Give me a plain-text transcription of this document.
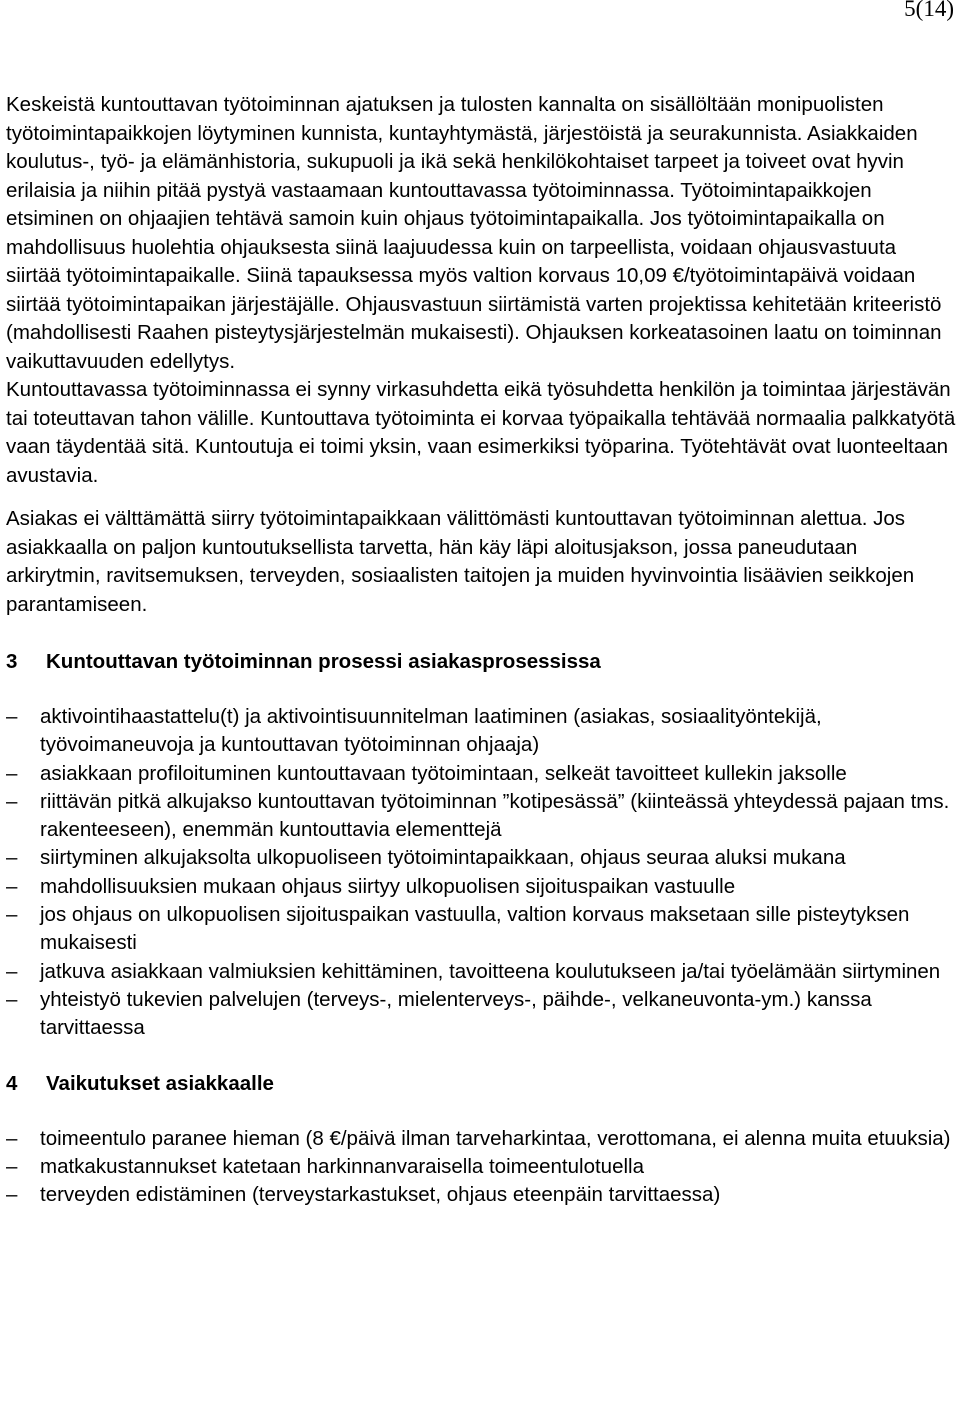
5(14)

Keskeistä kuntouttavan työtoiminnan ajatuksen ja tulosten kannalta on sisällöltään monipuolisten työtoimintapaikkojen löytyminen kunnista, kuntayhtymästä, järjestöistä ja seurakunnista. Asiakkaiden koulutus-, työ- ja elämänhistoria, sukupuoli ja ikä sekä henkilökohtaiset tarpeet ja toiveet ovat hyvin erilaisia ja niihin pitää pystyä vastaamaan kuntouttavassa työtoiminnassa. Työtoimintapaikkojen etsiminen on ohjaajien tehtävä samoin kuin ohjaus työtoimintapaikalla. Jos työtoimintapaikalla on mahdollisuus huolehtia ohjauksesta siinä laajuudessa kuin on tarpeellista, voidaan ohjausvastuuta siirtää työtoimintapaikalle. Siinä tapauksessa myös valtion korvaus 10,09 €/työtoimintapäivä voidaan siirtää työtoimintapaikan järjestäjälle. Ohjausvastuun siirtämistä varten projektissa kehitetään kriteeristö (mahdollisesti Raahen pisteytysjärjestelmän mukaisesti). Ohjauksen korkeatasoinen laatu on toiminnan vaikuttavuuden edellytys.

Kuntouttavassa työtoiminnassa ei synny virkasuhdetta eikä työsuhdetta henkilön ja toimintaa järjestävän tai toteuttavan tahon välille. Kuntouttava työtoiminta ei korvaa työpaikalla tehtävää normaalia palkkatyötä vaan täydentää sitä. Kuntoutuja ei toimi yksin, vaan esimerkiksi työparina. Työtehtävät ovat luonteeltaan avustavia.

Asiakas ei välttämättä siirry työtoimintapaikkaan välittömästi kuntouttavan työtoiminnan alettua. Jos asiakkaalla on paljon kuntoutuksellista tarvetta, hän käy läpi aloitusjakson, jossa paneudutaan arkirytmin, ravitsemuksen, terveyden, sosiaalisten taitojen ja muiden hyvinvointia lisäävien seikkojen parantamiseen.

3	Kuntouttavan työtoiminnan prosessi asiakasprosessissa
–	aktivointihaastattelu(t) ja aktivointisuunnitelman laatiminen (asiakas, sosiaalityöntekijä, työvoimaneuvoja ja kuntouttavan työtoiminnan ohjaaja)
–	asiakkaan profiloituminen kuntouttavaan työtoimintaan, selkeät tavoitteet kullekin jaksolle
–	riittävän pitkä alkujakso kuntouttavan työtoiminnan ”kotipesässä” (kiinteässä yhteydessä pajaan tms. rakenteeseen), enemmän kuntouttavia elementtejä
–	siirtyminen alkujaksolta ulkopuoliseen työtoimintapaikkaan, ohjaus seuraa aluksi mukana
–	mahdollisuuksien mukaan ohjaus siirtyy ulkopuolisen sijoituspaikan vastuulle
–	jos ohjaus on ulkopuolisen sijoituspaikan vastuulla, valtion korvaus maksetaan sille pisteytyksen mukaisesti
–	jatkuva asiakkaan valmiuksien kehittäminen, tavoitteena koulutukseen ja/tai työelämään siirtyminen
–	yhteistyö tukevien palvelujen (terveys-, mielenterveys-, päihde-, velkaneuvonta-ym.) kanssa tarvittaessa
4	Vaikutukset asiakkaalle
–	toimeentulo paranee hieman (8 €/päivä ilman tarveharkintaa, verottomana, ei alenna muita etuuksia)
–	matkakustannukset katetaan harkinnanvaraisella toimeentulotuella
–	terveyden edistäminen (terveystarkastukset, ohjaus eteenpäin tarvittaessa)
